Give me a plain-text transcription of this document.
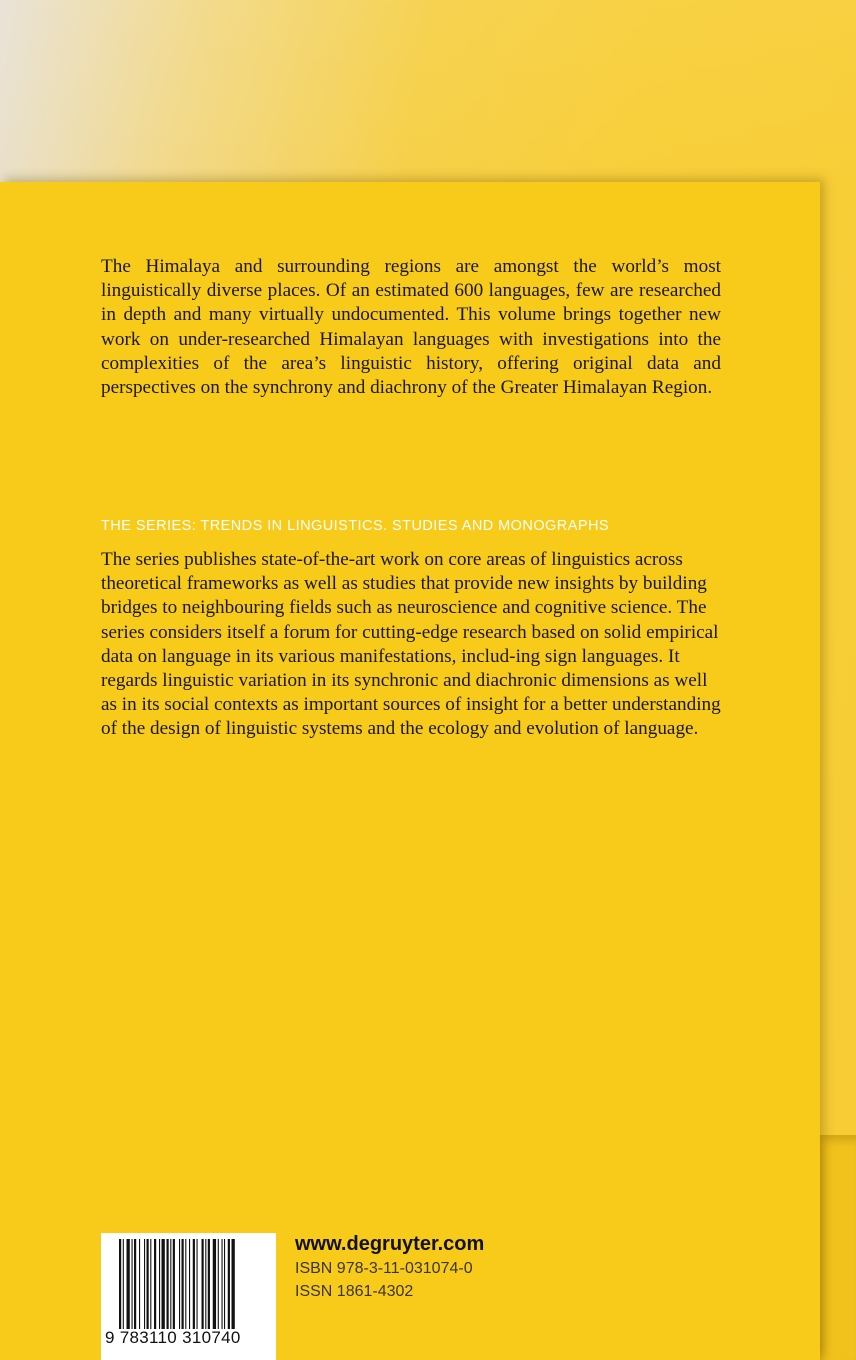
The Himalaya and surrounding regions are amongst the world’s most linguistically diverse places. Of an estimated 600 languages, few are researched in depth and many virtually undocumented. This volume brings together new work on under-researched Himalayan languages with investigations into the complexities of the area’s linguistic history, offering original data and perspectives on the synchrony and diachrony of the Greater Himalayan Region.

THE SERIES: TRENDS IN LINGUISTICS. STUDIES AND MONOGRAPHS

The series publishes state-of-the-art work on core areas of linguistics across theoretical frameworks as well as studies that provide new insights by building bridges to neighbouring fields such as neuroscience and cognitive science. The series considers itself a forum for cutting-edge research based on solid empirical data on language in its various manifestations, includ-ing sign languages. It regards linguistic variation in its synchronic and diachronic dimensions as well as in its social contexts as important sources of insight for a better understanding of the design of linguistic systems and the ecology and evolution of language.

9 783110 310740
www.degruyter.com
ISBN 978-3-11-031074-0
ISSN 1861-4302
